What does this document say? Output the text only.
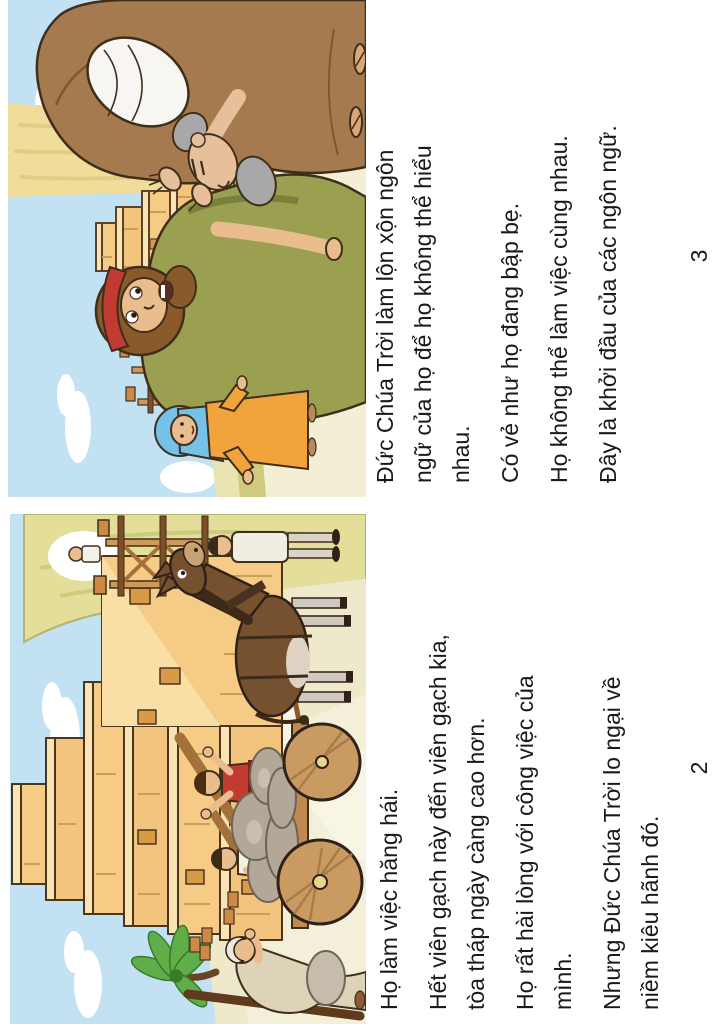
Họ làm việc hăng hái. Hết viên gạch này đến viên gạch kia, tòa tháp ngày càng cao hơn. Họ rất hài lòng với công việc của mình. Nhưng Đức Chúa Trời lo ngại về niềm kiêu hãnh đó.

2

Đức Chúa Trời làm lộn xộn ngôn ngữ của họ để họ không thể hiểu nhau. Có vẻ như họ đang bập bẹ. Họ không thể làm việc cùng nhau. Đây là khởi đầu của các ngôn ngữ.	3
